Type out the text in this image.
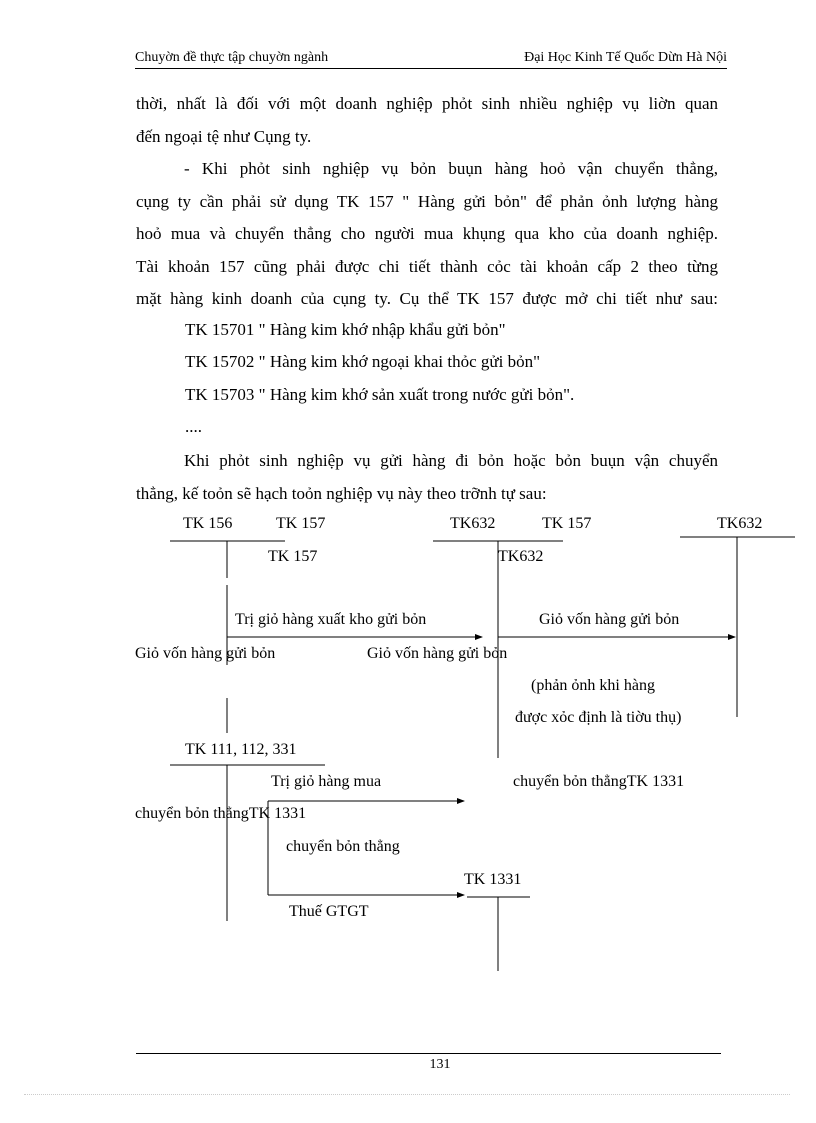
Chuyờn đề thực tập chuyờn ngành	Đại Học Kinh Tế Quốc Dừn Hà Nội
thời, nhất là đối với một doanh nghiệp phỏt sinh nhiều nghiệp vụ liờn quan
đến ngoại tệ như Cụng ty.
- Khi phỏt sinh nghiệp vụ bỏn buụn hàng hoỏ vận chuyển thẳng,
cụng ty cần phải sử dụng TK 157 " Hàng gửi bỏn" để phản ỏnh lượng hàng
hoỏ mua và chuyển thẳng cho người mua khụng qua kho của doanh nghiệp.
Tài khoản 157 cũng phải được chi tiết thành cỏc tài khoản cấp 2 theo từng
mặt hàng kinh doanh của cụng ty. Cụ thể TK 157 được mở chi tiết như sau:
TK 15701 " Hàng kim khớ nhập khẩu gửi bỏn"
TK 15702 " Hàng kim khớ ngoại khai thỏc gửi bỏn"
TK 15703 " Hàng kim khớ sản xuất trong nước gửi bỏn".
....
Khi phỏt sinh nghiệp vụ gửi hàng đi bỏn hoặc bỏn buụn vận chuyển
thẳng, kế toỏn sẽ hạch toỏn nghiệp vụ này theo trỡnh tự sau:
TK 156	TK 157	TK632	TK 157	TK632
TK 157	TK632
Trị giỏ hàng xuất kho gửi bỏn	Giỏ vốn hàng gửi bỏn
Giỏ vốn hàng gửi bỏn	Giỏ vốn hàng gửi bỏn
(phản ỏnh khi hàng
được xỏc định là tiờu thụ)
TK 111, 112, 331
Trị giỏ hàng mua	chuyển bỏn thẳngTK 1331
chuyển bỏn thẳngTK 1331
chuyển bỏn thẳng
TK 1331
Thuế GTGT
131
